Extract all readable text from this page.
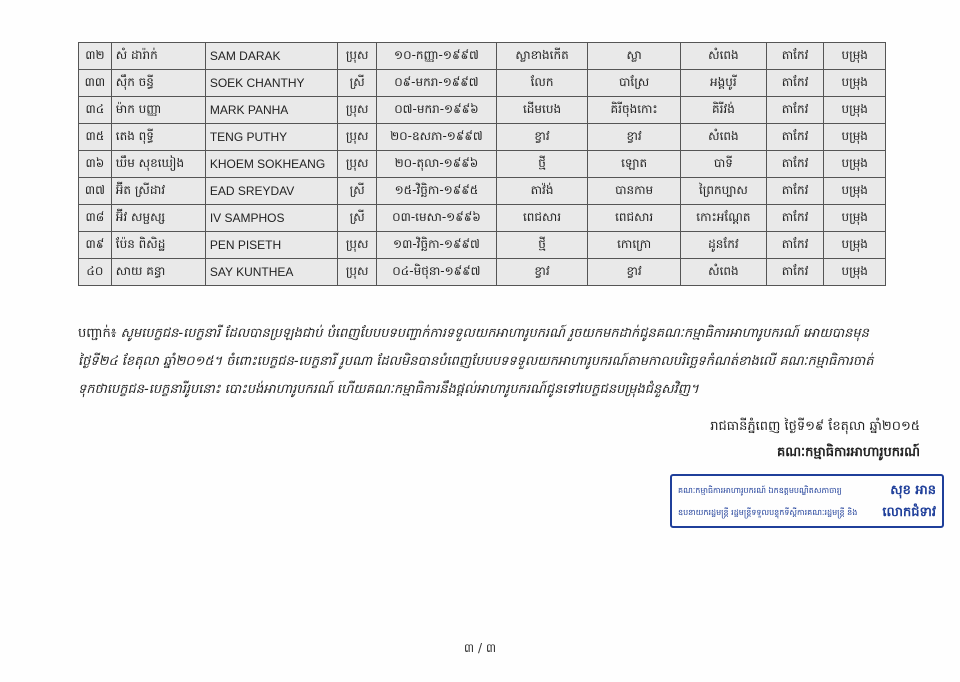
៣២	សំ ដារ៉ាក់	SAM DARAK	ប្រុស	១០-កញ្ញា-១៩៩៧	ស្លាខាងកើត	ស្លា	សំពេង	តាកែវ	បម្រុង
៣៣	ស៊ឹក ចន្ធី	SOEK CHANTHY	ស្រី	០៩-មករា-១៩៩៧	លែក	បាស្រែ	អង្គបូរី	តាកែវ	បម្រុង
៣៤	ម៉ាក បញ្ញា	MARK PANHA	ប្រុស	០៧-មករា-១៩៩៦	ដើមបេង	គិរីចុងកោះ	គិរីវង់	តាកែវ	បម្រុង
៣៥	តេង ពុទ្ធី	TENG PUTHY	ប្រុស	២០-ឧសភា-១៩៩៧	ខ្វាវ	ខ្វាវ	សំពេង	តាកែវ	បម្រុង
៣៦	ឃឹម សុខឃៀង	KHOEM SOKHEANG	ប្រុស	២០-តុលា-១៩៩៦	ថ្មី	ឡោត	បាទី	តាកែវ	បម្រុង
៣៧	អ៊ីត ស្រីដាវ	EAD SREYDAV	ស្រី	១៥-វិច្ឆិកា-១៩៩៥	តាវ៉ង់	បានកាម	ព្រៃកប្បាស	តាកែវ	បម្រុង
៣៨	អ៊ីវ សម្ផស្ស	IV SAMPHOS	ស្រី	០៣-មេសា-១៩៩៦	ពេជសារ	ពេជសារ	កោះអណ្តែត	តាកែវ	បម្រុង
៣៩	ប៉ែន ពិសិដ្ឋ	PEN PISETH	ប្រុស	១៣-វិច្ឆិកា-១៩៩៧	ថ្មី	កោក្រោ	ដូនកែវ	តាកែវ	បម្រុង
៤០	សាយ គន្ធា	SAY KUNTHEA	ប្រុស	០៤-មិថុនា-១៩៩៧	ខ្វាវ	ខ្វាវ	សំពេង	តាកែវ	បម្រុង
បញ្ជាក់៖ សូមបេក្ខជន-បេក្ខនារី ដែលបានប្រឡងជាប់ បំពេញបែបបទបញ្ជាក់ការទទួលយកអាហារូបករណ៍ រួចយកមកដាក់ជូនគណៈកម្មាធិការអាហារូបករណ៍ អោយបានមុនថ្ងៃទី២៤ ខែតុលា ឆ្នាំ២០១៥។ ចំពោះបេក្ខជន-បេក្ខនារី រូបណា ដែលមិនបានបំពេញបែបបទទទួលយកអាហារូបករណ៍តាមកាលបរិច្ឆេទកំណត់ខាងលើ គណៈកម្មាធិការចាត់ទុកថាបេក្ខជន-បេក្ខនារីរូបនោះ បោះបង់អាហារូបករណ៍ ហើយគណៈកម្មាធិការនឹងផ្តល់អាហារូបករណ៍ជូនទៅបេក្ខជនបម្រុងជំនួសវិញ។
រាជធានីភ្នំពេញ ថ្ងៃទី១៩ ខែតុលា ឆ្នាំ២០១៥
គណៈកម្មាធិការអាហារូបករណ៍
គណៈកម្មាធិការអាហារូបករណ៍ ឯកឧត្តមបណ្ឌិតសភាចារ្យ	សុខ អាន
ឧបនាយករដ្ឋមន្ត្រី រដ្ឋមន្ត្រីទទួលបន្ទុកទីស្តីការគណៈរដ្ឋមន្ត្រី និង លោកជំទាវ
៣ / ៣
